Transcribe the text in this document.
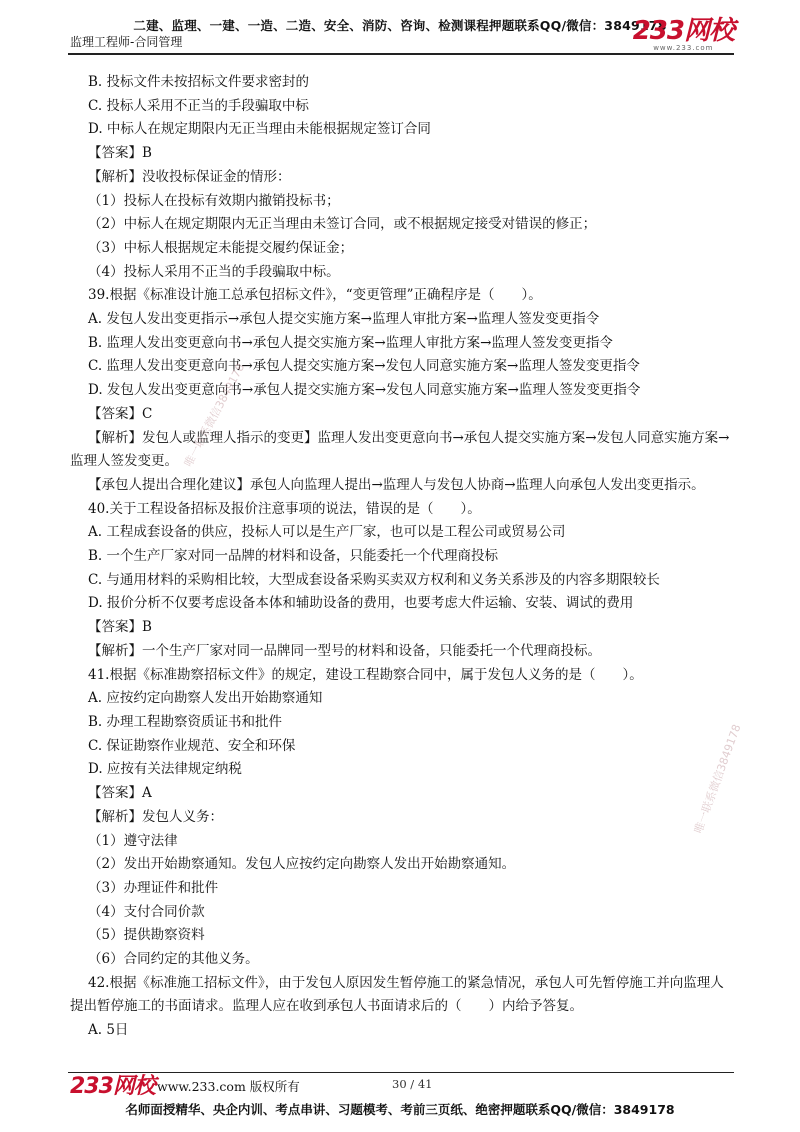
二建、监理、一建、一造、二造、安全、消防、咨询、检测课程押题联系QQ/微信：3849178
监理工程师-合同管理	233网校
www.233.com

B. 投标文件未按招标文件要求密封的

C. 投标人采用不正当的手段骗取中标

D. 中标人在规定期限内无正当理由未能根据规定签订合同

【答案】B

【解析】没收投标保证金的情形：

（1）投标人在投标有效期内撤销投标书；

（2）中标人在规定期限内无正当理由未签订合同，或不根据规定接受对错误的修正；

（3）中标人根据规定未能提交履约保证金；

（4）投标人采用不正当的手段骗取中标。

39.根据《标准设计施工总承包招标文件》，“变更管理”正确程序是（　　）。

A. 发包人发出变更指示→承包人提交实施方案→监理人审批方案→监理人签发变更指令

B. 监理人发出变更意向书→承包人提交实施方案→监理人审批方案→监理人签发变更指令

C. 监理人发出变更意向书→承包人提交实施方案→发包人同意实施方案→监理人签发变更指令

D. 发包人发出变更意向书→承包人提交实施方案→发包人同意实施方案→监理人签发变更指令

【答案】C

【解析】发包人或监理人指示的变更】监理人发出变更意向书→承包人提交实施方案→发包人同意实施方案→监理人签发变更。

【承包人提出合理化建议】承包人向监理人提出→监理人与发包人协商→监理人向承包人发出变更指示。

40.关于工程设备招标及报价注意事项的说法，错误的是（　　）。

A. 工程成套设备的供应，投标人可以是生产厂家，也可以是工程公司或贸易公司

B. 一个生产厂家对同一品牌的材料和设备，只能委托一个代理商投标

C. 与通用材料的采购相比较，大型成套设备采购买卖双方权利和义务关系涉及的内容多期限较长

D. 报价分析不仅要考虑设备本体和辅助设备的费用，也要考虑大件运输、安装、调试的费用

【答案】B

【解析】一个生产厂家对同一品牌同一型号的材料和设备，只能委托一个代理商投标。

41.根据《标准勘察招标文件》的规定，建设工程勘察合同中，属于发包人义务的是（　　）。

A. 应按约定向勘察人发出开始勘察通知

B. 办理工程勘察资质证书和批件

C. 保证勘察作业规范、安全和环保

D. 应按有关法律规定纳税

【答案】A

【解析】发包人义务：

（1）遵守法律

（2）发出开始勘察通知。发包人应按约定向勘察人发出开始勘察通知。

（3）办理证件和批件

（4）支付合同价款

（5）提供勘察资料

（6）合同约定的其他义务。

42.根据《标准施工招标文件》，由于发包人原因发生暂停施工的紧急情况，承包人可先暂停施工并向监理人提出暂停施工的书面请求。监理人应在收到承包人书面请求后的（　　）内给予答复。

A. 5日

唯一联系微信3849178
唯一联系微信3849178
233网校 www.233.com 版权所有	30 / 41
名师面授精华、央企内训、考点串讲、习题模考、考前三页纸、绝密押题联系QQ/微信：3849178
